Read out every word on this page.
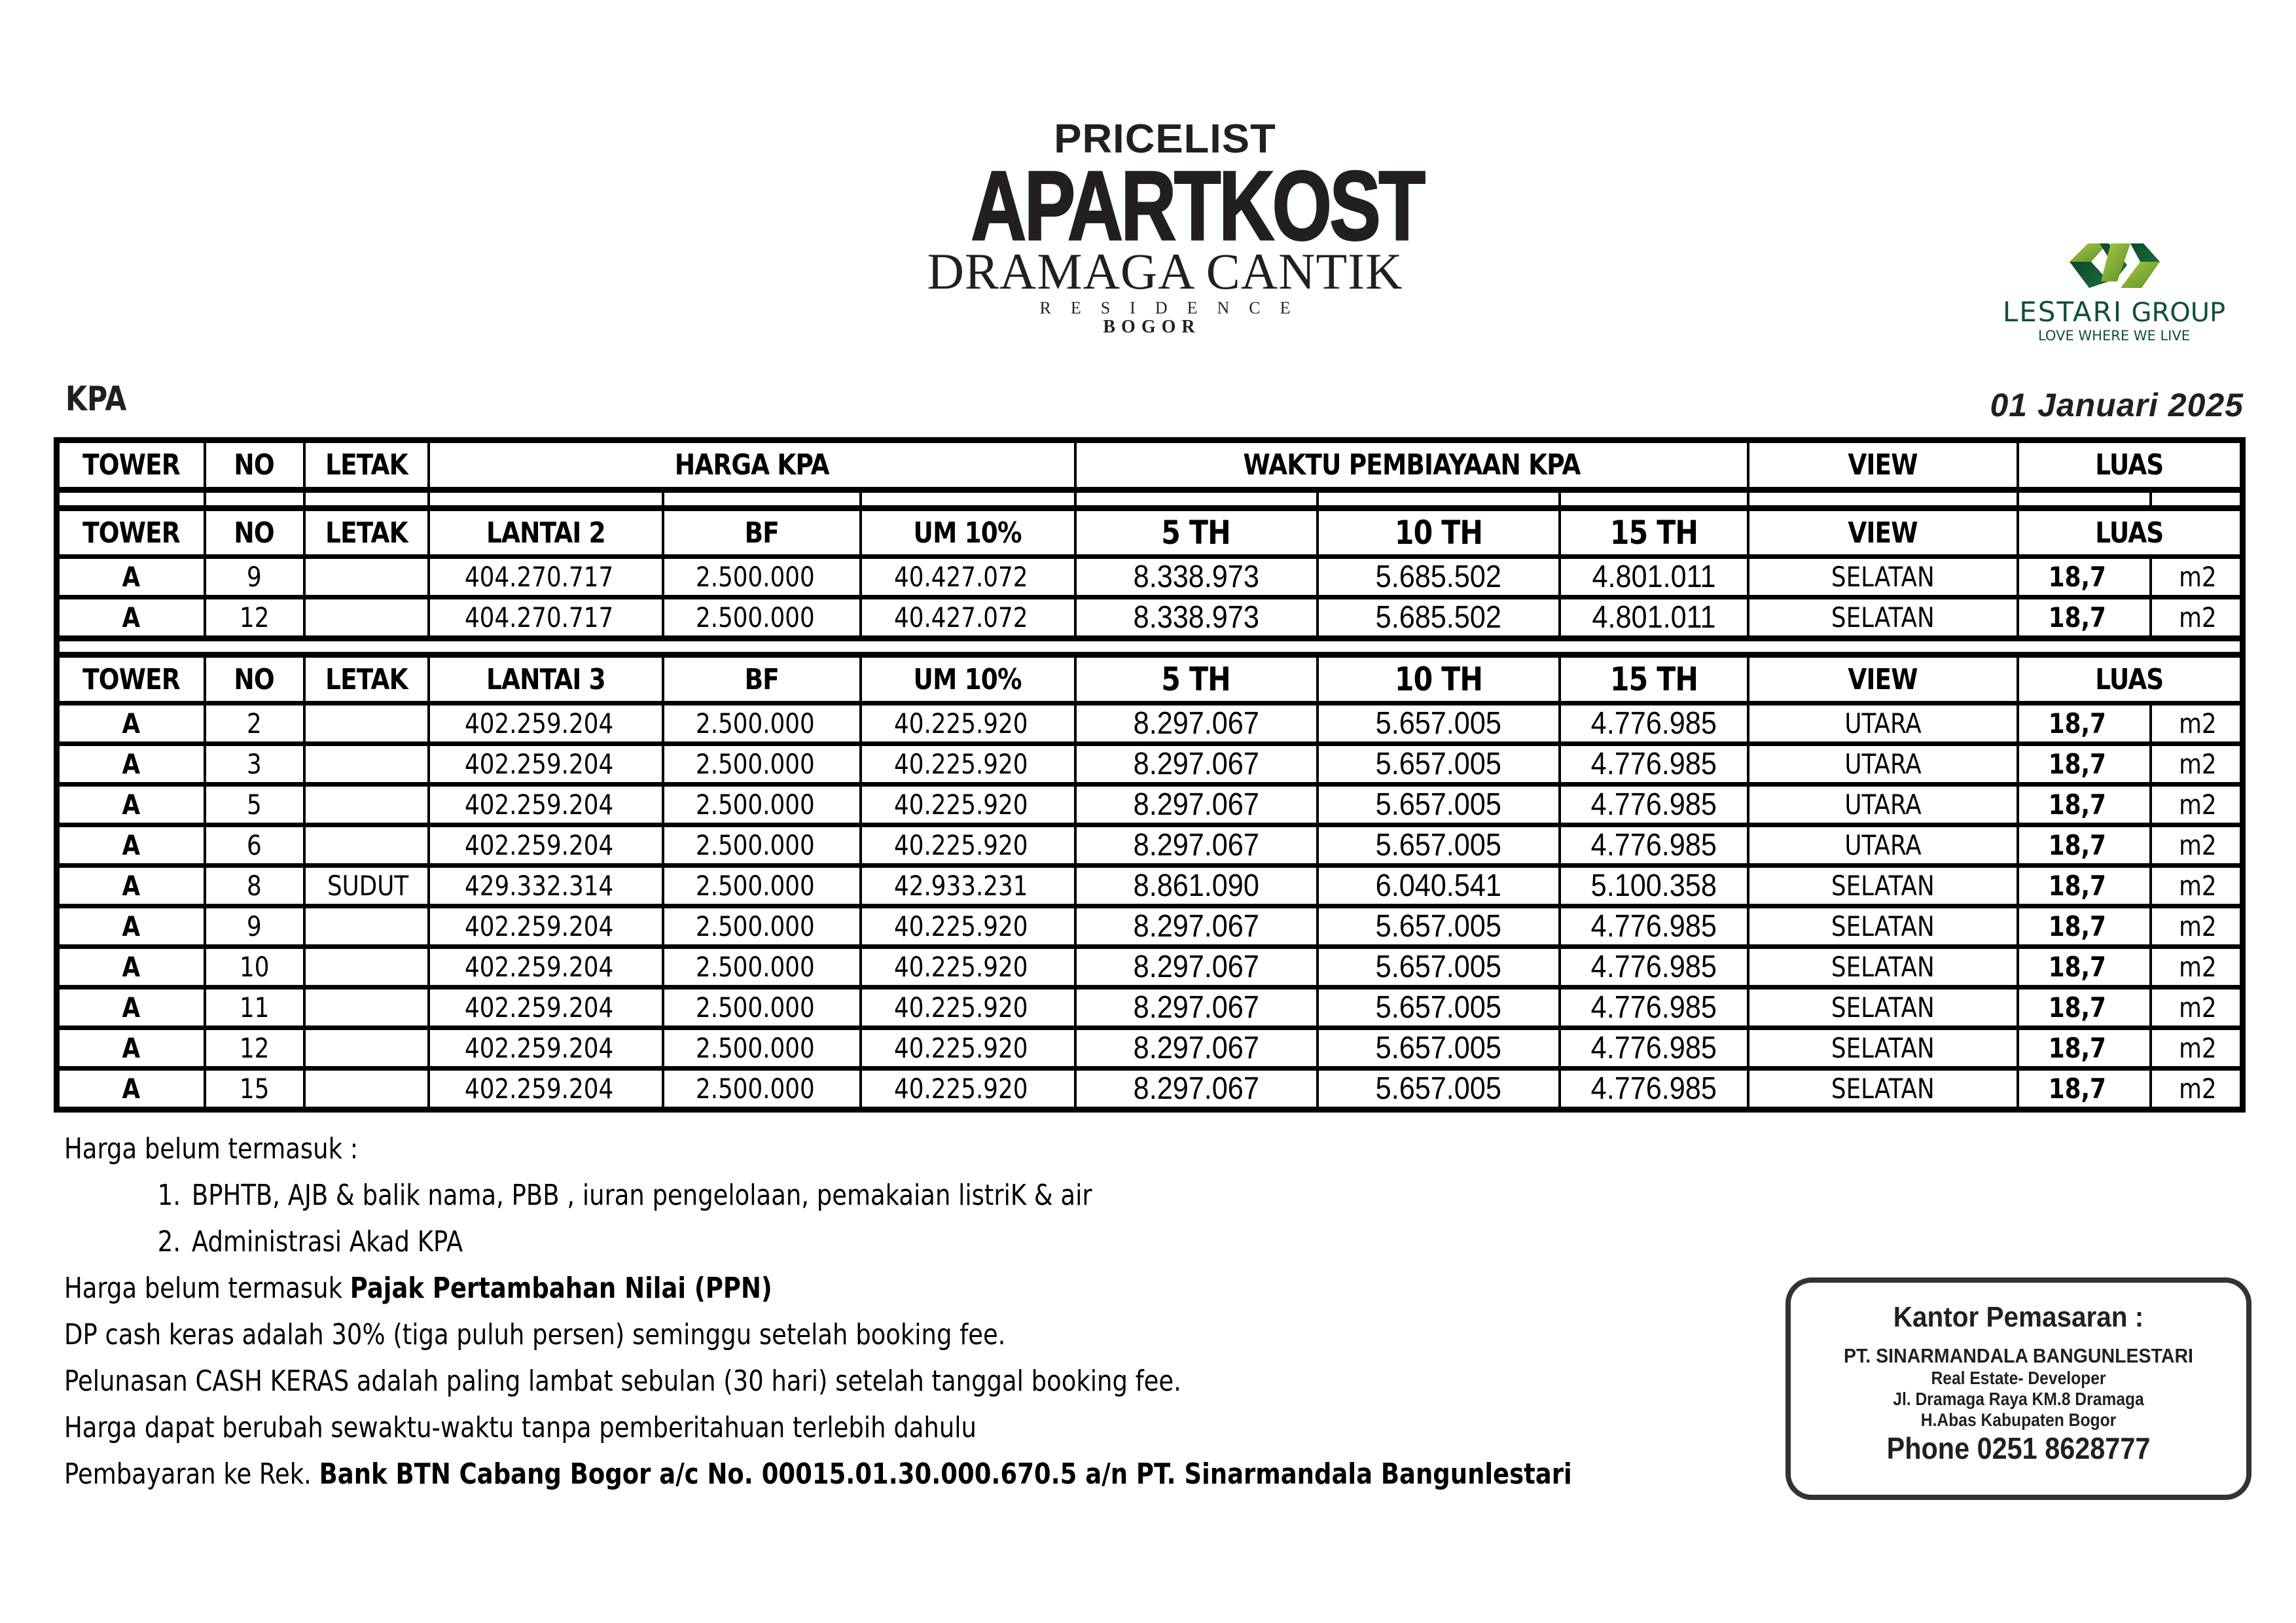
PRICELIST
APARTKOST
DRAMAGA CANTIK
RESIDENCE
BOGOR	LESTARI GROUP
LOVE WHERE WE LIVE
KPA	01 Januari 2025
TOWER	NO	LETAK	HARGA KPA			WAKTU PEMBIAYAAN KPA			VIEW	LUAS	

TOWER	NO	LETAK	LANTAI 2	BF	UM 10%	5 TH	10 TH	15 TH	VIEW	LUAS	
A	9		404.270.717	2.500.000	40.427.072	8.338.973	5.685.502	4.801.011	SELATAN	18,7	m2
A	12		404.270.717	2.500.000	40.427.072	8.338.973	5.685.502	4.801.011	SELATAN	18,7	m2

TOWER	NO	LETAK	LANTAI 3	BF	UM 10%	5 TH	10 TH	15 TH	VIEW	LUAS	
A	2		402.259.204	2.500.000	40.225.920	8.297.067	5.657.005	4.776.985	UTARA	18,7	m2
A	3		402.259.204	2.500.000	40.225.920	8.297.067	5.657.005	4.776.985	UTARA	18,7	m2
A	5		402.259.204	2.500.000	40.225.920	8.297.067	5.657.005	4.776.985	UTARA	18,7	m2
A	6		402.259.204	2.500.000	40.225.920	8.297.067	5.657.005	4.776.985	UTARA	18,7	m2
A	8	SUDUT	429.332.314	2.500.000	42.933.231	8.861.090	6.040.541	5.100.358	SELATAN	18,7	m2
A	9		402.259.204	2.500.000	40.225.920	8.297.067	5.657.005	4.776.985	SELATAN	18,7	m2
A	10		402.259.204	2.500.000	40.225.920	8.297.067	5.657.005	4.776.985	SELATAN	18,7	m2
A	11		402.259.204	2.500.000	40.225.920	8.297.067	5.657.005	4.776.985	SELATAN	18,7	m2
A	12		402.259.204	2.500.000	40.225.920	8.297.067	5.657.005	4.776.985	SELATAN	18,7	m2
A	15		402.259.204	2.500.000	40.225.920	8.297.067	5.657.005	4.776.985	SELATAN	18,7	m2
Harga belum termasuk :
1. BPHTB, AJB & balik nama, PBB , iuran pengelolaan, pemakaian listriK & air
2. Administrasi Akad KPA
Harga belum termasuk Pajak Pertambahan Nilai (PPN)
DP cash keras adalah 30% (tiga puluh persen) seminggu setelah booking fee.
Pelunasan CASH KERAS adalah paling lambat sebulan (30 hari) setelah tanggal booking fee.
Harga dapat berubah sewaktu-waktu tanpa pemberitahuan terlebih dahulu
Pembayaran ke Rek. Bank BTN Cabang Bogor a/c No. 00015.01.30.000.670.5 a/n PT. Sinarmandala Bangunlestari
Kantor Pemasaran :
PT. SINARMANDALA BANGUNLESTARI
Real Estate- Developer
Jl. Dramaga Raya KM.8 Dramaga
H.Abas Kabupaten Bogor
Phone 0251 8628777
